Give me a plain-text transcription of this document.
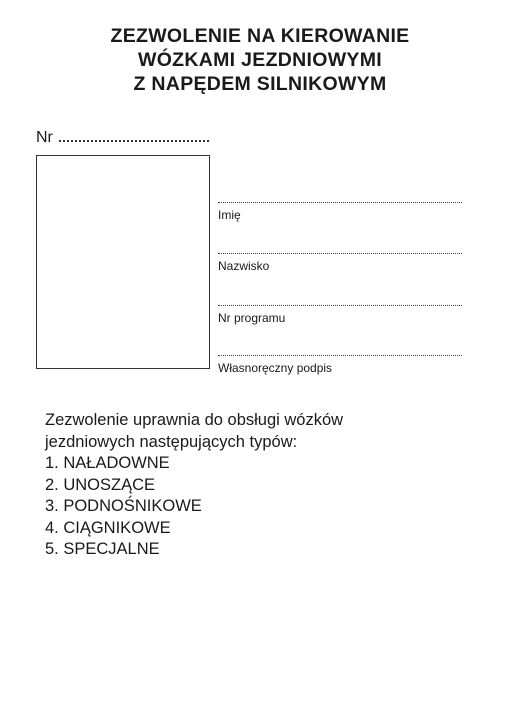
ZEZWOLENIE NA KIEROWANIE
WÓZKAMI JEZDNIOWYMI
Z NAPĘDEM SILNIKOWYM
Nr
Imię
Nazwisko
Nr programu
Własnoręczny podpis
Zezwolenie uprawnia do obsługi wózków
jezdniowych następujących typów:
1. NAŁADOWNE
2. UNOSZĄCE
3. PODNOŚNIKOWE
4. CIĄGNIKOWE
5. SPECJALNE
